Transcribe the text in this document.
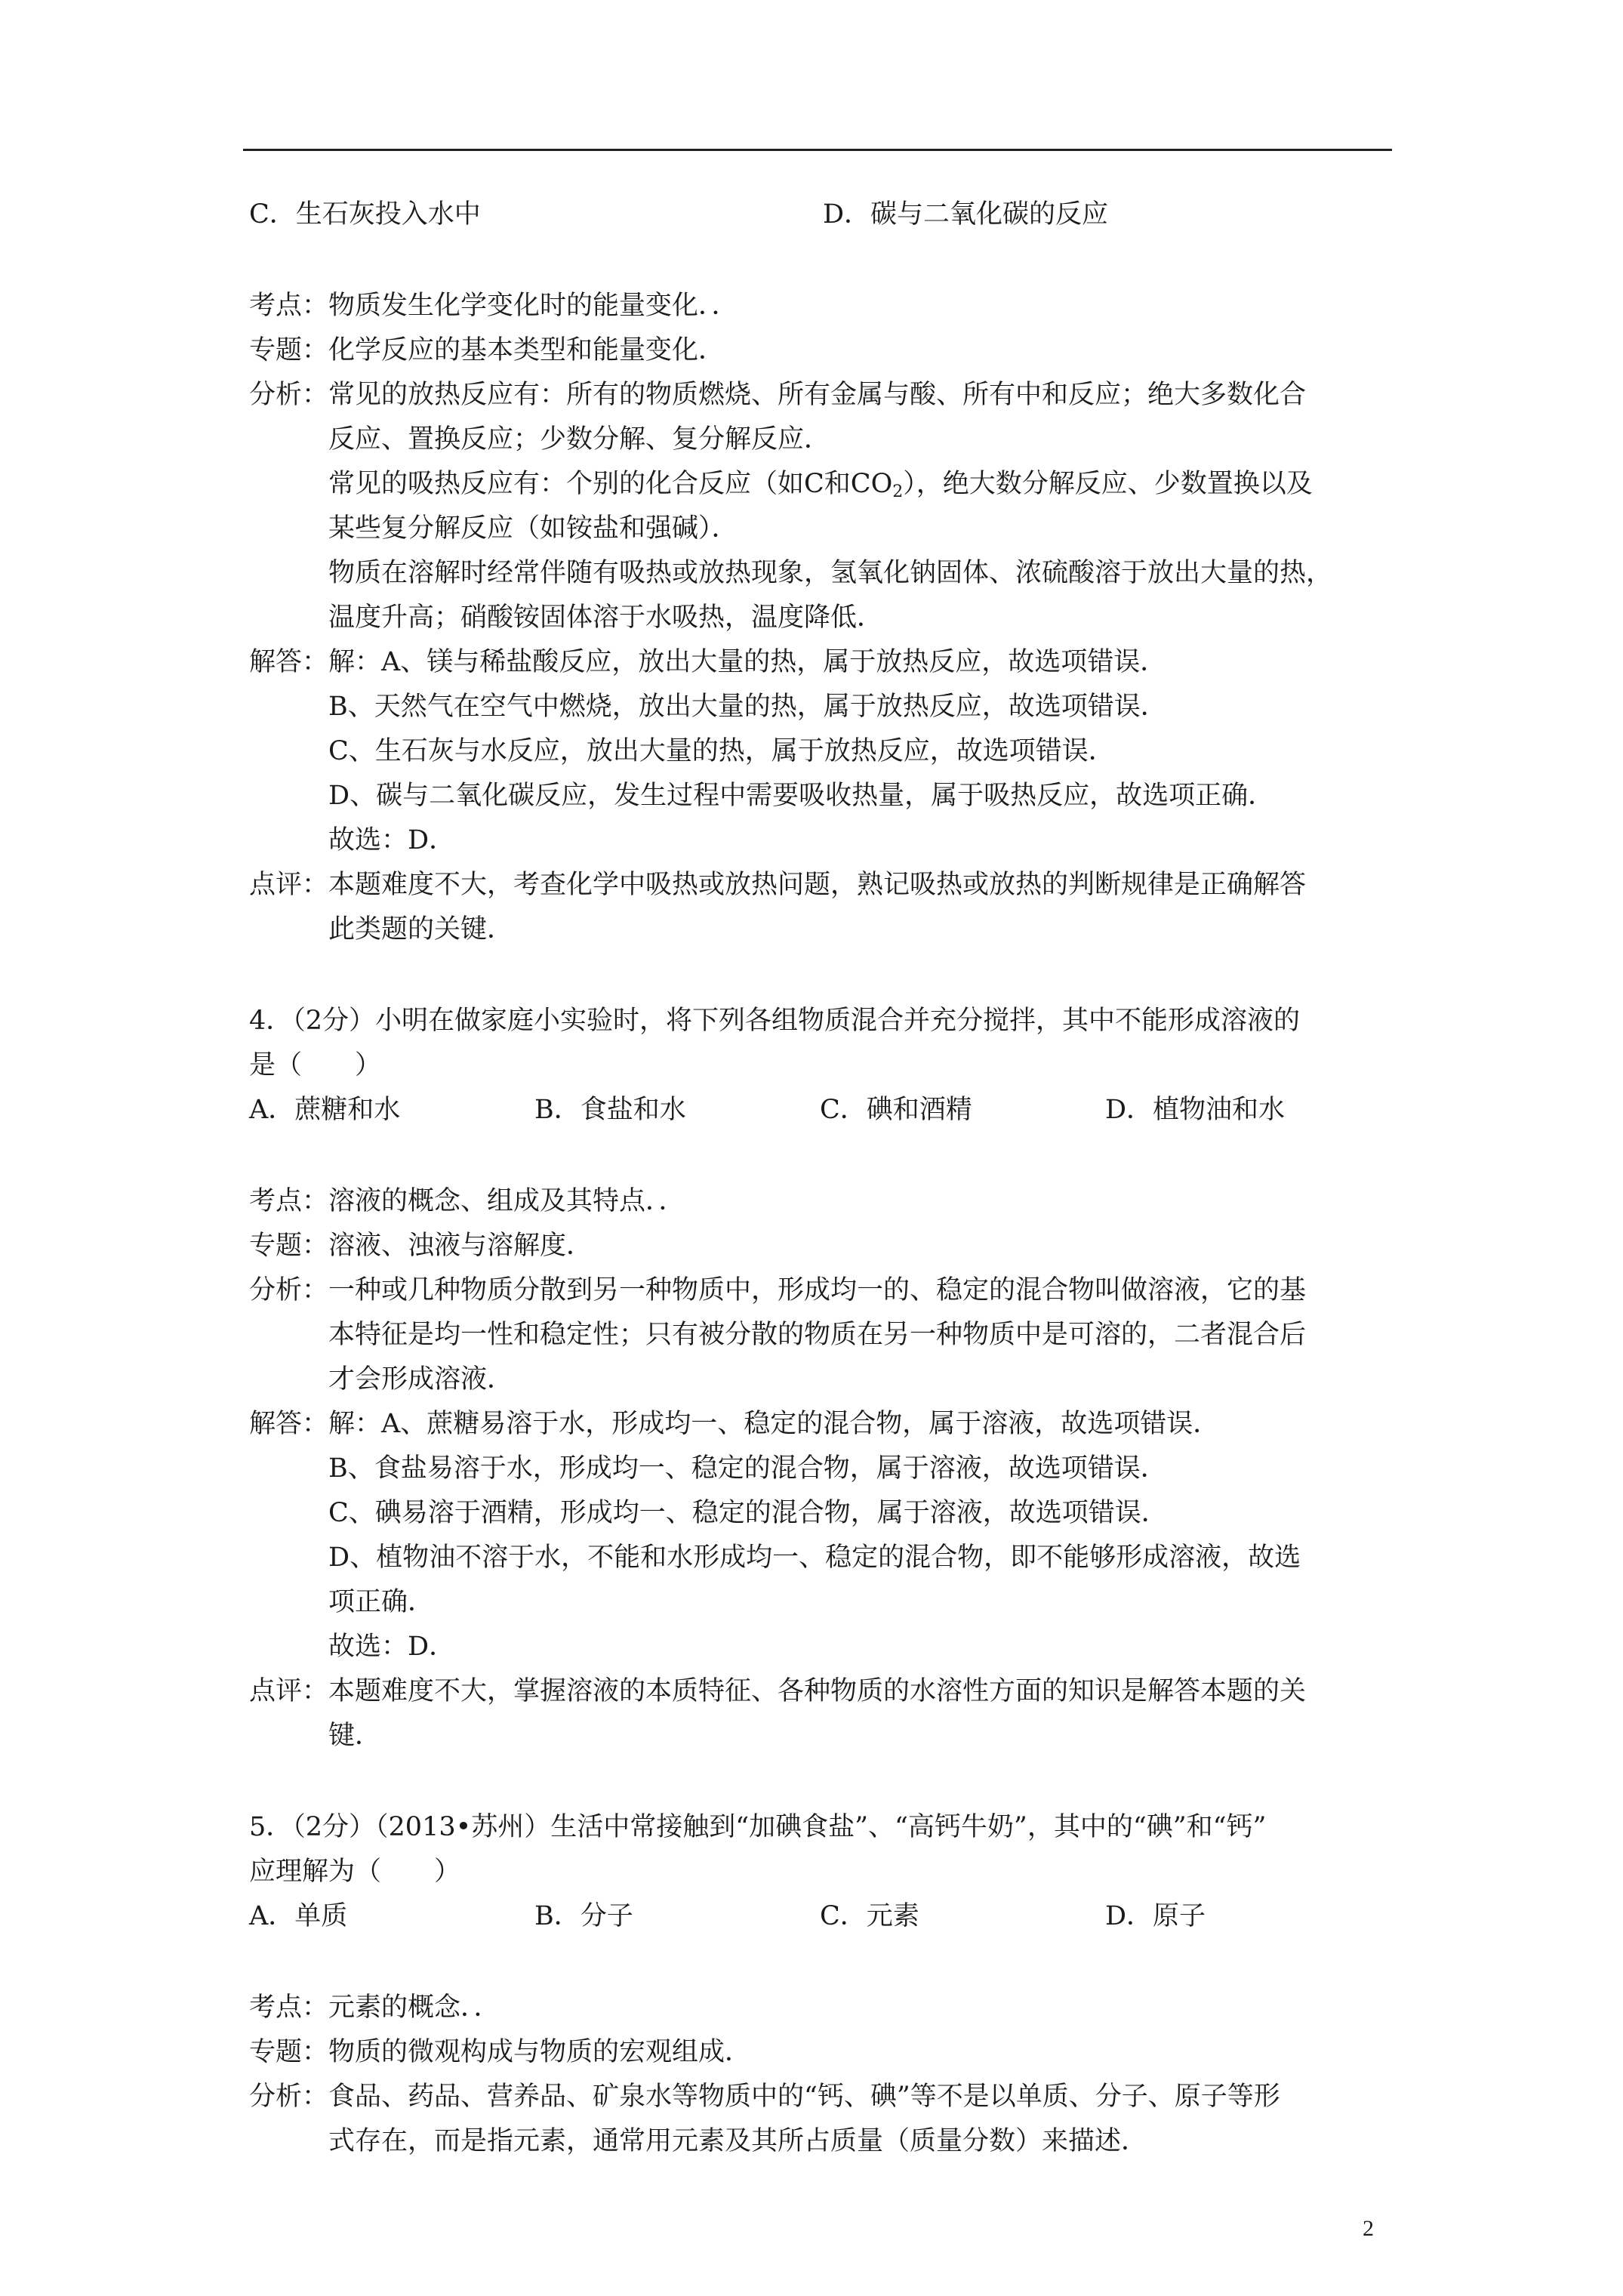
C．生石灰投入水中	D．碳与二氧化碳的反应
考点： 物质发生化学变化时的能量变化．．
专题： 化学反应的基本类型和能量变化．
分析： 常见的放热反应有：所有的物质燃烧、所有金属与酸、所有中和反应；绝大多数化合
反应、置换反应；少数分解、复分解反应．
常见的吸热反应有：个别的化合反应（如C和$CO_2$），绝大数分解反应、少数置换以及
某些复分解反应（如铵盐和强碱）．
物质在溶解时经常伴随有吸热或放热现象，氢氧化钠固体、浓硫酸溶于放出大量的热，
温度升高；硝酸铵固体溶于水吸热，温度降低．
解答： 解：A、镁与稀盐酸反应，放出大量的热，属于放热反应，故选项错误．
B、天然气在空气中燃烧，放出大量的热，属于放热反应，故选项错误．
C、生石灰与水反应，放出大量的热，属于放热反应，故选项错误．
D、碳与二氧化碳反应，发生过程中需要吸收热量，属于吸热反应，故选项正确．
故选：D．
点评： 本题难度不大，考查化学中吸热或放热问题，熟记吸热或放热的判断规律是正确解答
此类题的关键．
4．（2分）小明在做家庭小实验时，将下列各组物质混合并充分搅拌，其中不能形成溶液的
是（　　）
A．蔗糖和水	B．食盐和水	C．碘和酒精	D．植物油和水
考点： 溶液的概念、组成及其特点．．
专题： 溶液、浊液与溶解度．
分析： 一种或几种物质分散到另一种物质中，形成均一的、稳定的混合物叫做溶液，它的基
本特征是均一性和稳定性；只有被分散的物质在另一种物质中是可溶的，二者混合后
才会形成溶液．
解答： 解：A、蔗糖易溶于水，形成均一、稳定的混合物，属于溶液，故选项错误．
B、食盐易溶于水，形成均一、稳定的混合物，属于溶液，故选项错误．
C、碘易溶于酒精，形成均一、稳定的混合物，属于溶液，故选项错误．
D、植物油不溶于水，不能和水形成均一、稳定的混合物，即不能够形成溶液，故选
项正确．
故选：D．
点评： 本题难度不大，掌握溶液的本质特征、各种物质的水溶性方面的知识是解答本题的关
键．
5．（2分）（2013•苏州）生活中常接触到“加碘食盐”、“高钙牛奶”，其中的“碘”和“钙”
应理解为（　　）
A．单质	B．分子	C．元素	D．原子
考点： 元素的概念．．
专题： 物质的微观构成与物质的宏观组成．
分析： 食品、药品、营养品、矿泉水等物质中的“钙、碘”等不是以单质、分子、原子等形
式存在，而是指元素，通常用元素及其所占质量（质量分数）来描述．
2
